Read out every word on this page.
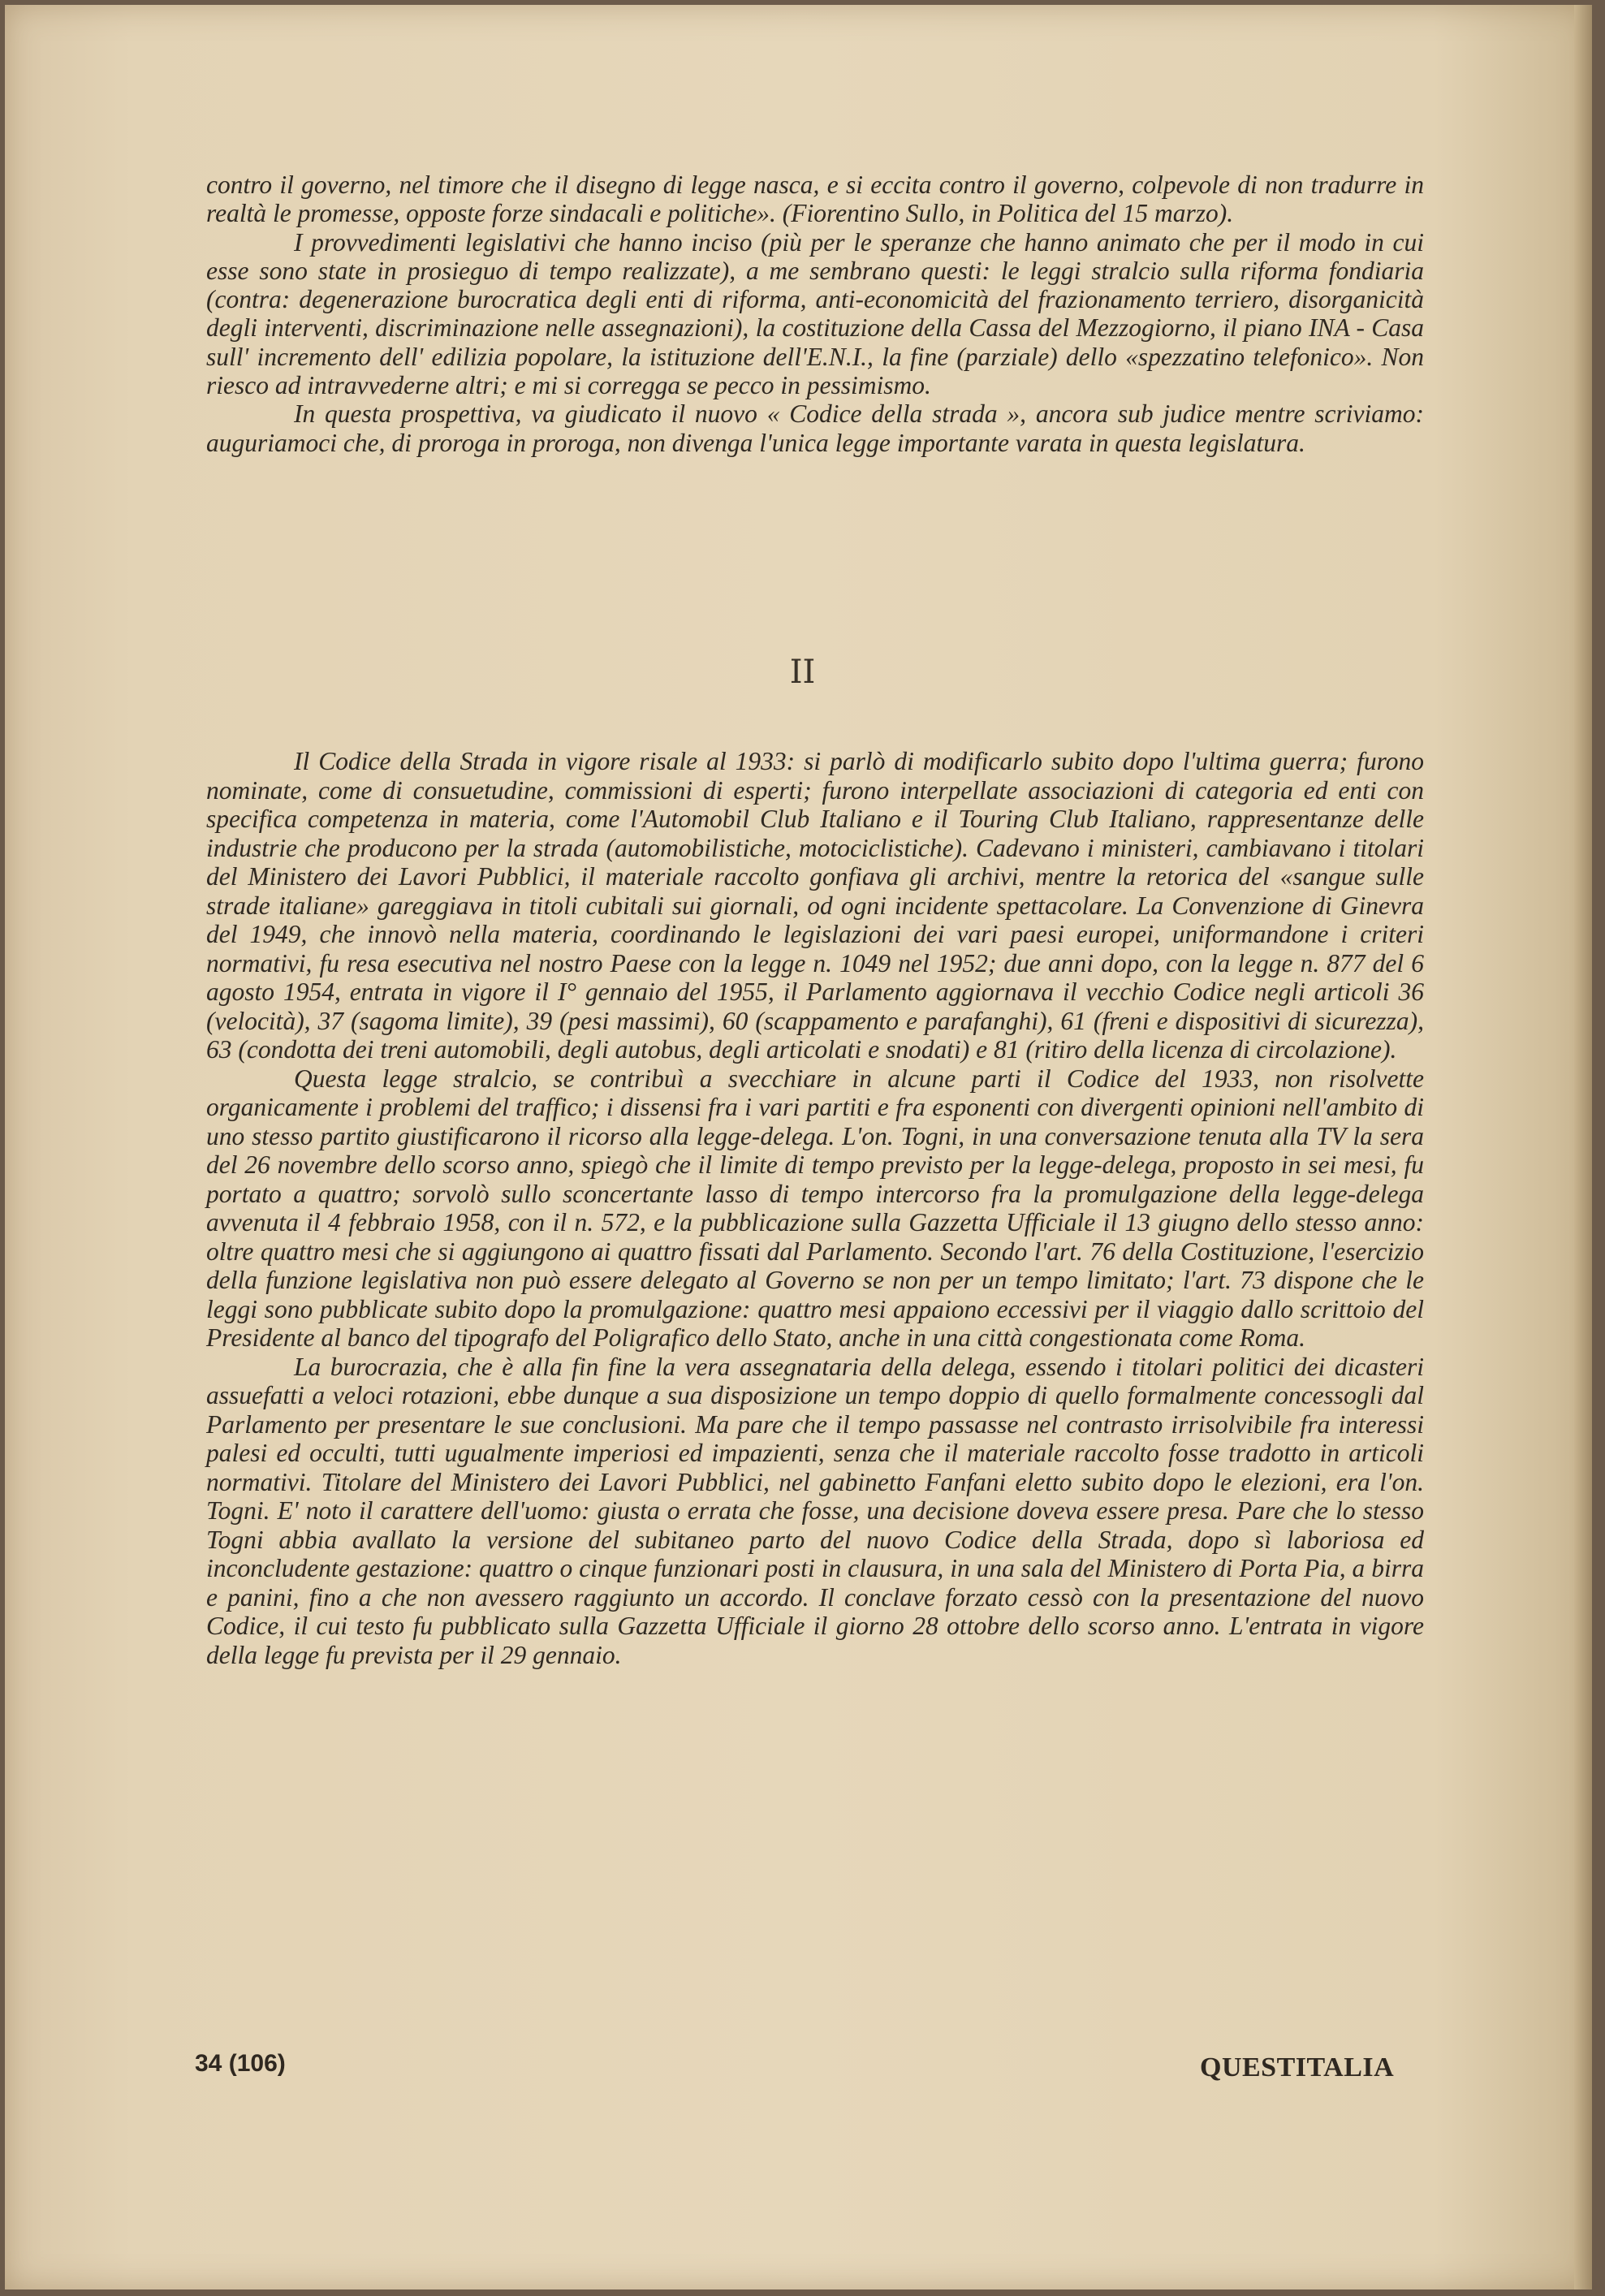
contro il governo, nel timore che il disegno di legge nasca, e si eccita contro il governo, colpevole di non tradurre in realtà le promesse, opposte forze sindacali e politiche». (Fiorentino Sullo, in Politica del 15 marzo).

I provvedimenti legislativi che hanno inciso (più per le speranze che hanno animato che per il modo in cui esse sono state in prosieguo di tempo realizzate), a me sembrano questi: le leggi stralcio sulla riforma fondiaria (contra: degenerazione burocratica degli enti di riforma, anti-economicità del frazionamento terriero, disorganicità degli interventi, discriminazione nelle assegnazioni), la costituzione della Cassa del Mezzogiorno, il piano INA - Casa sull' incremento dell' edilizia popolare, la istituzione dell'E.N.I., la fine (parziale) dello «spezzatino telefonico». Non riesco ad intravvederne altri; e mi si corregga se pecco in pessimismo.

In questa prospettiva, va giudicato il nuovo « Codice della strada », ancora sub judice mentre scriviamo: auguriamoci che, di proroga in proroga, non divenga l'unica legge importante varata in questa legislatura.

II

Il Codice della Strada in vigore risale al 1933: si parlò di modificarlo subito dopo l'ultima guerra; furono nominate, come di consuetudine, commissioni di esperti; furono interpellate associazioni di categoria ed enti con specifica competenza in materia, come l'Automobil Club Italiano e il Touring Club Italiano, rappresentanze delle industrie che producono per la strada (automobilistiche, motociclistiche). Cadevano i ministeri, cambiavano i titolari del Ministero dei Lavori Pubblici, il materiale raccolto gonfiava gli archivi, mentre la retorica del «sangue sulle strade italiane» gareggiava in titoli cubitali sui giornali, od ogni incidente spettacolare. La Convenzione di Ginevra del 1949, che innovò nella materia, coordinando le legislazioni dei vari paesi europei, uniformandone i criteri normativi, fu resa esecutiva nel nostro Paese con la legge n. 1049 nel 1952; due anni dopo, con la legge n. 877 del 6 agosto 1954, entrata in vigore il I° gennaio del 1955, il Parlamento aggiornava il vecchio Codice negli articoli 36 (velocità), 37 (sagoma limite), 39 (pesi massimi), 60 (scappamento e parafanghi), 61 (freni e dispositivi di sicurezza), 63 (condotta dei treni automobili, degli autobus, degli articolati e snodati) e 81 (ritiro della licenza di circolazione).

Questa legge stralcio, se contribuì a svecchiare in alcune parti il Codice del 1933, non risolvette organicamente i problemi del traffico; i dissensi fra i vari partiti e fra esponenti con divergenti opinioni nell'ambito di uno stesso partito giustificarono il ricorso alla legge-delega. L'on. Togni, in una conversazione tenuta alla TV la sera del 26 novembre dello scorso anno, spiegò che il limite di tempo previsto per la legge-delega, proposto in sei mesi, fu portato a quattro; sorvolò sullo sconcertante lasso di tempo intercorso fra la promulgazione della legge-delega avvenuta il 4 febbraio 1958, con il n. 572, e la pubblicazione sulla Gazzetta Ufficiale il 13 giugno dello stesso anno: oltre quattro mesi che si aggiungono ai quattro fissati dal Parlamento. Secondo l'art. 76 della Costituzione, l'esercizio della funzione legislativa non può essere delegato al Governo se non per un tempo limitato; l'art. 73 dispone che le leggi sono pubblicate subito dopo la promulgazione: quattro mesi appaiono eccessivi per il viaggio dallo scrittoio del Presidente al banco del tipografo del Poligrafico dello Stato, anche in una città congestionata come Roma.

La burocrazia, che è alla fin fine la vera assegnataria della delega, essendo i titolari politici dei dicasteri assuefatti a veloci rotazioni, ebbe dunque a sua disposizione un tempo doppio di quello formalmente concessogli dal Parlamento per presentare le sue conclusioni. Ma pare che il tempo passasse nel contrasto irrisolvibile fra interessi palesi ed occulti, tutti ugualmente imperiosi ed impazienti, senza che il materiale raccolto fosse tradotto in articoli normativi. Titolare del Ministero dei Lavori Pubblici, nel gabinetto Fanfani eletto subito dopo le elezioni, era l'on. Togni. E' noto il carattere dell'uomo: giusta o errata che fosse, una decisione doveva essere presa. Pare che lo stesso Togni abbia avallato la versione del subitaneo parto del nuovo Codice della Strada, dopo sì laboriosa ed inconcludente gestazione: quattro o cinque funzionari posti in clausura, in una sala del Ministero di Porta Pia, a birra e panini, fino a che non avessero raggiunto un accordo. Il conclave forzato cessò con la presentazione del nuovo Codice, il cui testo fu pubblicato sulla Gazzetta Ufficiale il giorno 28 ottobre dello scorso anno. L'entrata in vigore della legge fu prevista per il 29 gennaio.

34 (106)	QUESTITALIA
